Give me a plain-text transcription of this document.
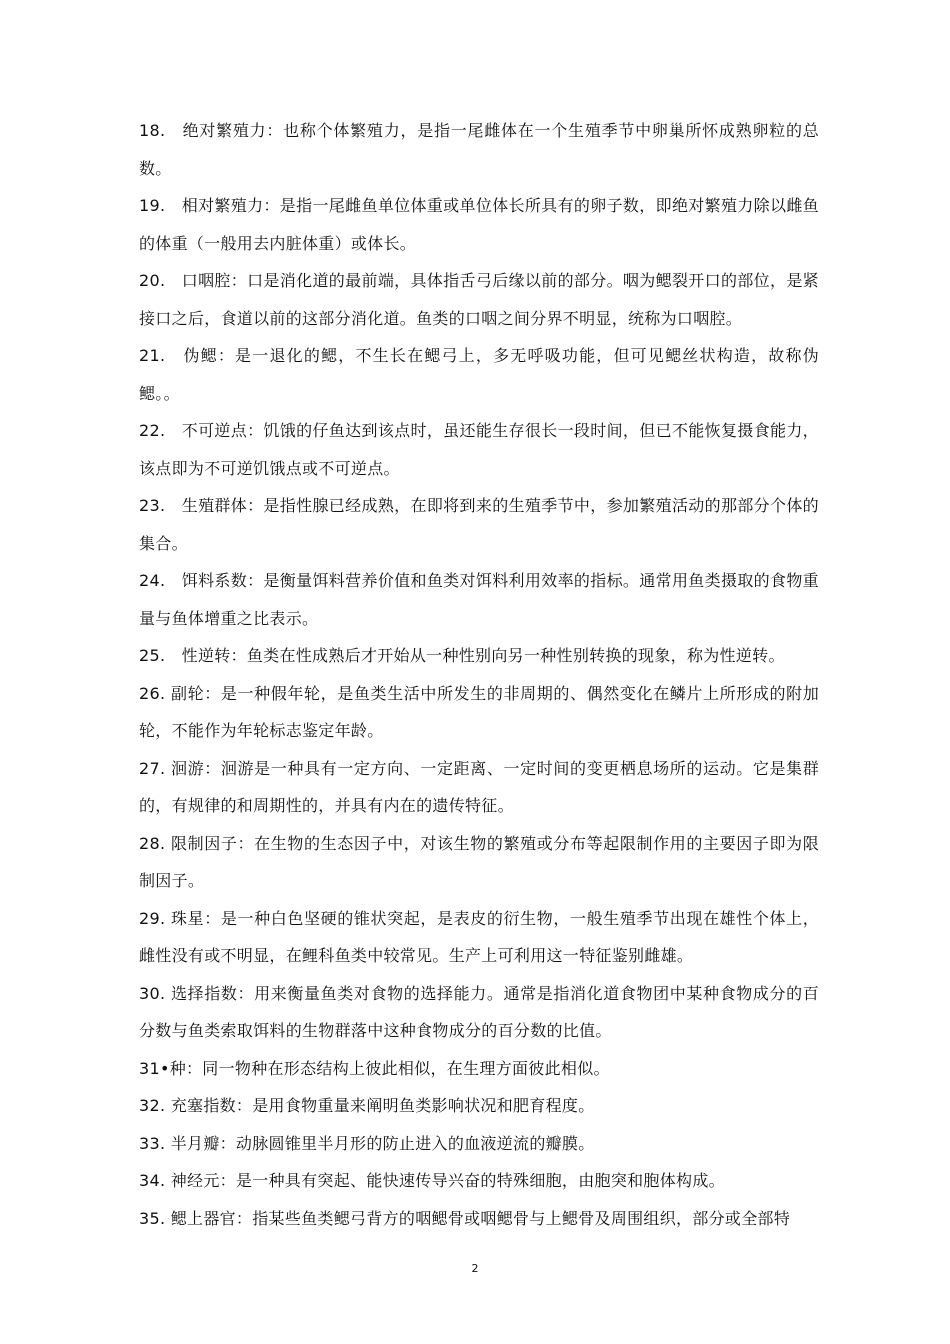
18.　绝对繁殖力：也称个体繁殖力，是指一尾雌体在一个生殖季节中卵巢所怀成熟卵粒的总数。

19.　相对繁殖力：是指一尾雌鱼单位体重或单位体长所具有的卵子数，即绝对繁殖力除以雌鱼的体重（一般用去内脏体重）或体长。

20.　口咽腔：口是消化道的最前端，具体指舌弓后缘以前的部分。咽为鳃裂开口的部位，是紧接口之后，食道以前的这部分消化道。鱼类的口咽之间分界不明显，统称为口咽腔。

21.　伪鳃：是一退化的鳃，不生长在鳃弓上，多无呼吸功能，但可见鳃丝状构造，故称伪鳃。。

22.　不可逆点：饥饿的仔鱼达到该点时，虽还能生存很长一段时间，但已不能恢复摄食能力，该点即为不可逆饥饿点或不可逆点。

23.　生殖群体：是指性腺已经成熟，在即将到来的生殖季节中，参加繁殖活动的那部分个体的集合。

24.　饵料系数：是衡量饵料营养价值和鱼类对饵料利用效率的指标。通常用鱼类摄取的食物重量与鱼体增重之比表示。

25.　性逆转：鱼类在性成熟后才开始从一种性别向另一种性别转换的现象，称为性逆转。

26. 副轮：是一种假年轮，是鱼类生活中所发生的非周期的、偶然变化在鳞片上所形成的附加轮，不能作为年轮标志鉴定年龄。

27. 洄游：洄游是一种具有一定方向、一定距离、一定时间的变更栖息场所的运动。它是集群的，有规律的和周期性的，并具有内在的遗传特征。

28. 限制因子：在生物的生态因子中，对该生物的繁殖或分布等起限制作用的主要因子即为限制因子。

29. 珠星：是一种白色坚硬的锥状突起，是表皮的衍生物，一般生殖季节出现在雄性个体上，雌性没有或不明显，在鲤科鱼类中较常见。生产上可利用这一特征鉴别雌雄。

30. 选择指数：用来衡量鱼类对食物的选择能力。通常是指消化道食物团中某种食物成分的百分数与鱼类索取饵料的生物群落中这种食物成分的百分数的比值。

31•种：同一物种在形态结构上彼此相似，在生理方面彼此相似。

32. 充塞指数：是用食物重量来阐明鱼类影响状况和肥育程度。

33. 半月瓣：动脉圆锥里半月形的防止进入的血液逆流的瓣膜。

34. 神经元：是一种具有突起、能快速传导兴奋的特殊细胞，由胞突和胞体构成。

35. 鳃上器官：指某些鱼类鳃弓背方的咽鳃骨或咽鳃骨与上鳃骨及周围组织，部分或全部特

2
